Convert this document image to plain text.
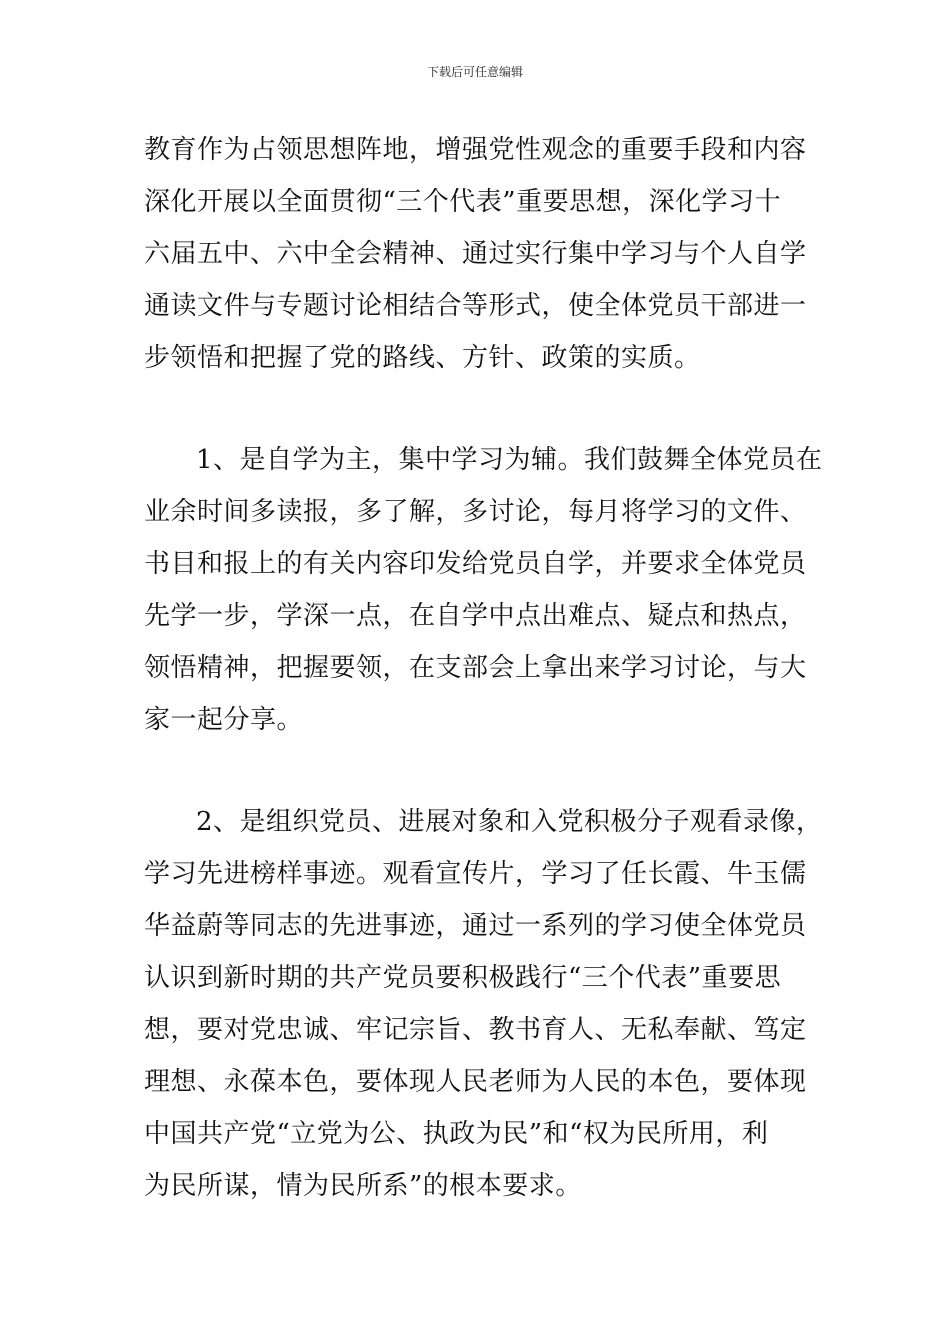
下载后可任意编辑
教育作为占领思想阵地，增强党性观念的重要手段和内容
深化开展以全面贯彻“三个代表”重要思想，深化学习十
六届五中、六中全会精神、通过实行集中学习与个人自学
通读文件与专题讨论相结合等形式，使全体党员干部进一
步领悟和把握了党的路线、方针、政策的实质。
1、是自学为主，集中学习为辅。我们鼓舞全体党员在
业余时间多读报，多了解，多讨论，每月将学习的文件、
书目和报上的有关内容印发给党员自学，并要求全体党员
先学一步，学深一点，在自学中点出难点、疑点和热点，
领悟精神，把握要领，在支部会上拿出来学习讨论，与大
家一起分享。
2、是组织党员、进展对象和入党积极分子观看录像，
学习先进榜样事迹。观看宣传片，学习了任长霞、牛玉儒
华益蔚等同志的先进事迹，通过一系列的学习使全体党员
认识到新时期的共产党员要积极践行“三个代表”重要思
想，要对党忠诚、牢记宗旨、教书育人、无私奉献、笃定
理想、永葆本色，要体现人民老师为人民的本色，要体现
中国共产党“立党为公、执政为民”和“权为民所用，利
为民所谋，情为民所系”的根本要求。
